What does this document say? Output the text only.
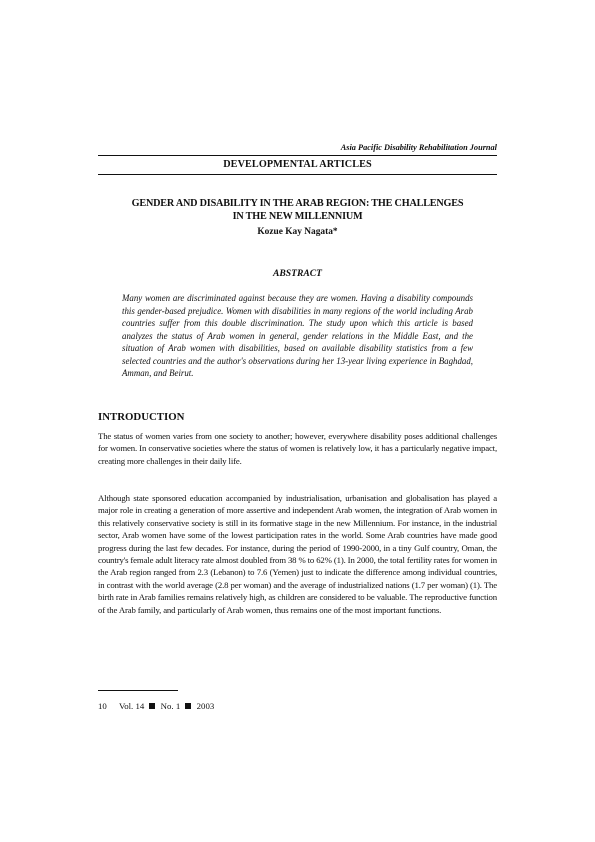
Asia Pacific Disability Rehabilitation Journal
DEVELOPMENTAL ARTICLES
GENDER AND DISABILITY IN THE ARAB REGION: THE CHALLENGES
IN THE NEW MILLENNIUM
Kozue Kay Nagata*
ABSTRACT
Many women are discriminated against because they are women. Having a disability compounds this gender-based prejudice. Women with disabilities in many regions of the world including Arab countries suffer from this double discrimination. The study upon which this article is based analyzes the status of Arab women in general, gender relations in the Middle East, and the situation of Arab women with disabilities, based on available disability statistics from a few selected countries and the author's observations during her 13-year living experience in Baghdad, Amman, and Beirut.
INTRODUCTION
The status of women varies from one society to another; however, everywhere disability poses additional challenges for women. In conservative societies where the status of women is relatively low, it has a particularly negative impact, creating more challenges in their daily life.
Although state sponsored education accompanied by industrialisation, urbanisation and globalisation has played a major role in creating a generation of more assertive and independent Arab women, the integration of Arab women in this relatively conservative society is still in its formative stage in the new Millennium. For instance, in the industrial sector, Arab women have some of the lowest participation rates in the world. Some Arab countries have made good progress during the last few decades. For instance, during the period of 1990-2000, in a tiny Gulf country, Oman, the country's female adult literacy rate almost doubled from 38 % to 62% (1). In 2000, the total fertility rates for women in the Arab region ranged from 2.3 (Lebanon) to 7.6 (Yemen) just to indicate the difference among individual countries, in contrast with the world average (2.8 per woman) and the average of industrialized nations (1.7 per woman) (1). The birth rate in Arab families remains relatively high, as children are considered to be valuable. The reproductive function of the Arab family, and particularly of Arab women, thus remains one of the most important functions.
10 Vol. 14 No. 1 2003
